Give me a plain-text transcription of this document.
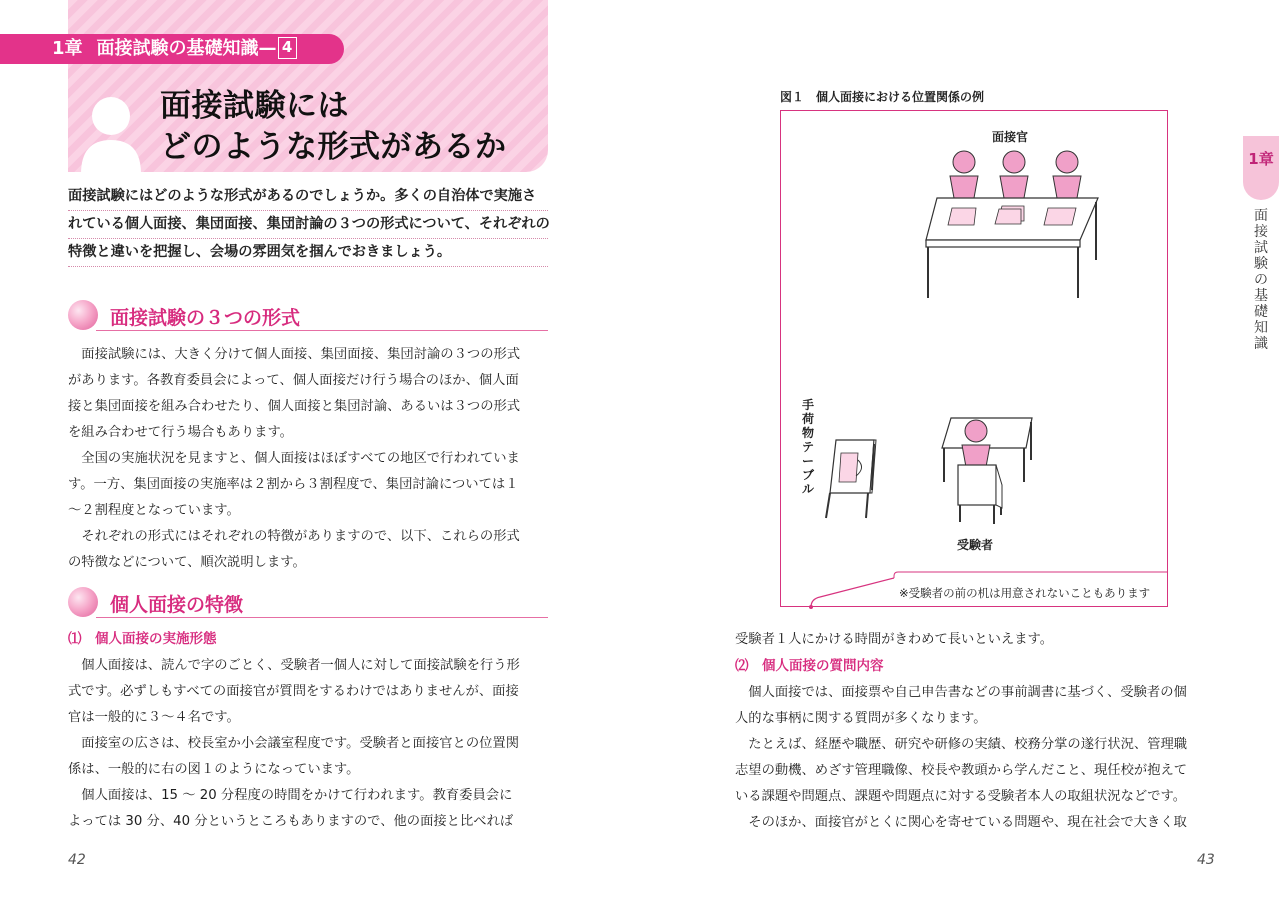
1章 面接試験の基礎知識— 4
面接試験には
どのような形式があるか
面接試験にはどのような形式があるのでしょうか。多くの自治体で実施さ
れている個人面接、集団面接、集団討論の３つの形式について、それぞれの
特徴と違いを把握し、会場の雰囲気を掴んでおきましょう。
面接試験の３つの形式
　面接試験には、大きく分けて個人面接、集団面接、集団討論の３つの形式
があります。各教育委員会によって、個人面接だけ行う場合のほか、個人面
接と集団面接を組み合わせたり、個人面接と集団討論、あるいは３つの形式
を組み合わせて行う場合もあります。
　全国の実施状況を見ますと、個人面接はほぼすべての地区で行われていま
す。一方、集団面接の実施率は２割から３割程度で、集団討論については１
～２割程度となっています。
　それぞれの形式にはそれぞれの特徴がありますので、以下、これらの形式
の特徴などについて、順次説明します。
個人面接の特徴
⑴　 個人面接の実施形態
　個人面接は、読んで字のごとく、受験者一個人に対して面接試験を行う形
式です。必ずしもすべての面接官が質問をするわけではありませんが、面接
官は一般的に３～４名です。
　面接室の広さは、校長室か小会議室程度です。受験者と面接官との位置関
係は、一般的に右の図１のようになっています。
　個人面接は、15 ～ 20 分程度の時間をかけて行われます。教育委員会に
よっては 30 分、40 分というところもありますので、他の面接と比べれば
42
図１　個人面接における位置関係の例
面接官
受験者
手荷物テーブル
※受験者の前の机は用意されないこともあります
受験者１人にかける時間がきわめて長いといえます。
⑵　 個人面接の質問内容
　個人面接では、面接票や自己申告書などの事前調書に基づく、受験者の個
人的な事柄に関する質問が多くなります。
　たとえば、経歴や職歴、研究や研修の実績、校務分掌の遂行状況、管理職
志望の動機、めざす管理職像、校長や教頭から学んだこと、現任校が抱えて
いる課題や問題点、課題や問題点に対する受験者本人の取組状況などです。
　そのほか、面接官がとくに関心を寄せている問題や、現在社会で大きく取
43
1章
面接試験の基礎知識
